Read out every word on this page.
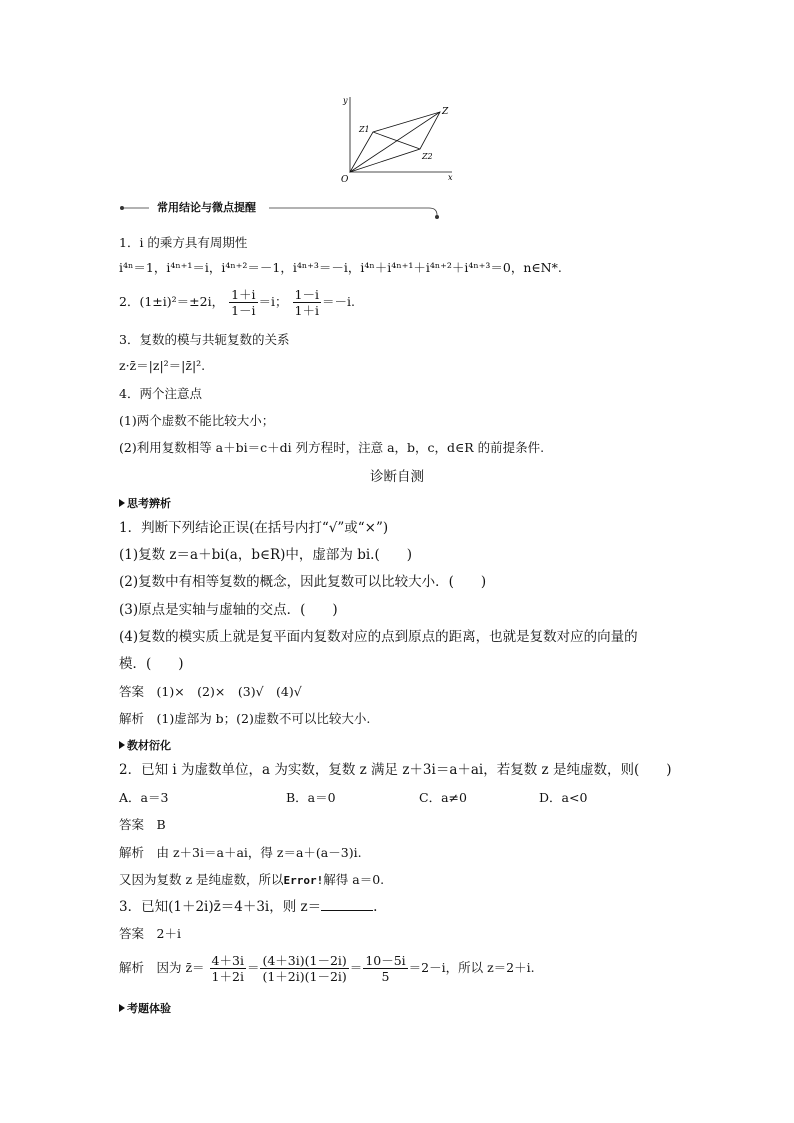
y
x
O
Z
Z1
Z2
常用结论与微点提醒
1．i 的乘方具有周期性
i⁴ⁿ＝1，i⁴ⁿ⁺¹＝i，i⁴ⁿ⁺²＝－1，i⁴ⁿ⁺³＝－i，i⁴ⁿ＋i⁴ⁿ⁺¹＋i⁴ⁿ⁺²＋i⁴ⁿ⁺³＝0，n∈N*.
2．(1±i)²＝±2i， $\frac{1+i}{1-i} =i$； $\frac{1-i}{1+i} =-i$.
3．复数的模与共轭复数的关系
z·z̄＝|z|²＝|z̄|².
4．两个注意点
(1)两个虚数不能比较大小；
(2)利用复数相等 a＋bi＝c＋di 列方程时，注意 a，b，c，d∈R 的前提条件.
诊断自测
思考辨析
1．判断下列结论正误(在括号内打“√”或“×”)
(1)复数 z＝a＋bi(a，b∈R)中，虚部为 bi.(　　)
(2)复数中有相等复数的概念，因此复数可以比较大小．(　　)
(3)原点是实轴与虚轴的交点．(　　)
(4)复数的模实质上就是复平面内复数对应的点到原点的距离，也就是复数对应的向量的
模．(　　)
答案　(1)×　(2)×　(3)√　(4)√
解析　(1)虚部为 b；(2)虚数不可以比较大小.
教材衍化
2．已知 i 为虚数单位，a 为实数，复数 z 满足 z＋3i＝a＋ai，若复数 z 是纯虚数，则(　　)
A．a＝3	B．a＝0	C．a≠0	D．a<0
答案　B
解析　由 z＋3i＝a＋ai，得 z＝a＋(a－3)i.
又因为复数 z 是纯虚数，所以Error!解得 a＝0.
3．已知(1＋2i)z̄＝4＋3i，则 z＝	.
答案　2＋i
解析　因为 z̄＝ $\frac{4+3i}{1+2i} = \frac{(4+3i)(1-2i)}{(1+2i)(1-2i)} = \frac{10-5i}{5} =2-i$，所以 z＝2＋i.
考题体验
